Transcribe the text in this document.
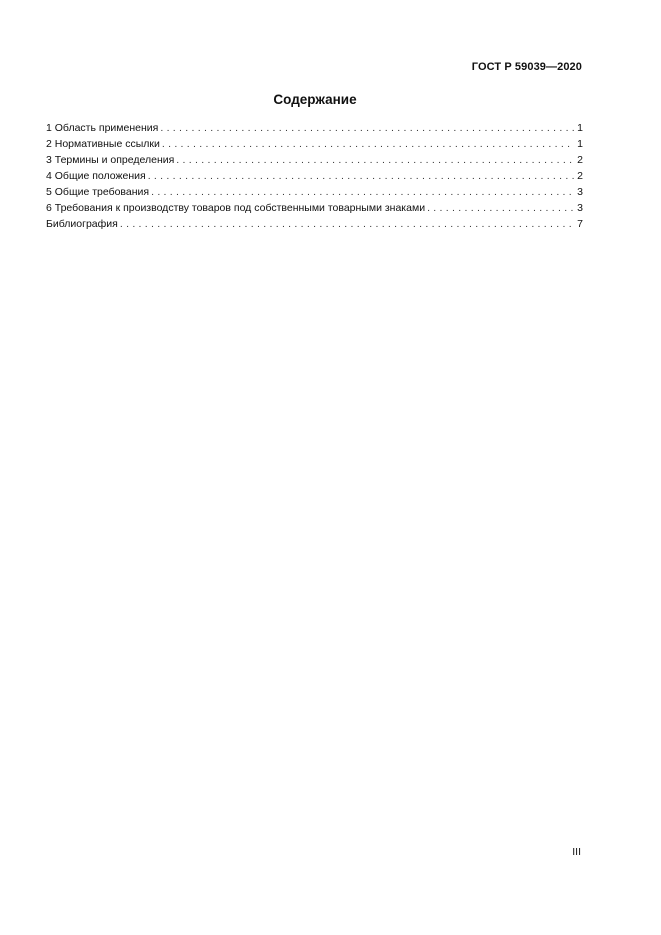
ГОСТ Р 59039—2020
Содержание
1 Область применения . . .	1
2 Нормативные ссылки . . .	1
3 Термины и определения . . .	2
4 Общие положения . . .	2
5 Общие требования . . .	3
6 Требования к производству товаров под собственными товарными знаками . . .	3
Библиография . . .	7
III
